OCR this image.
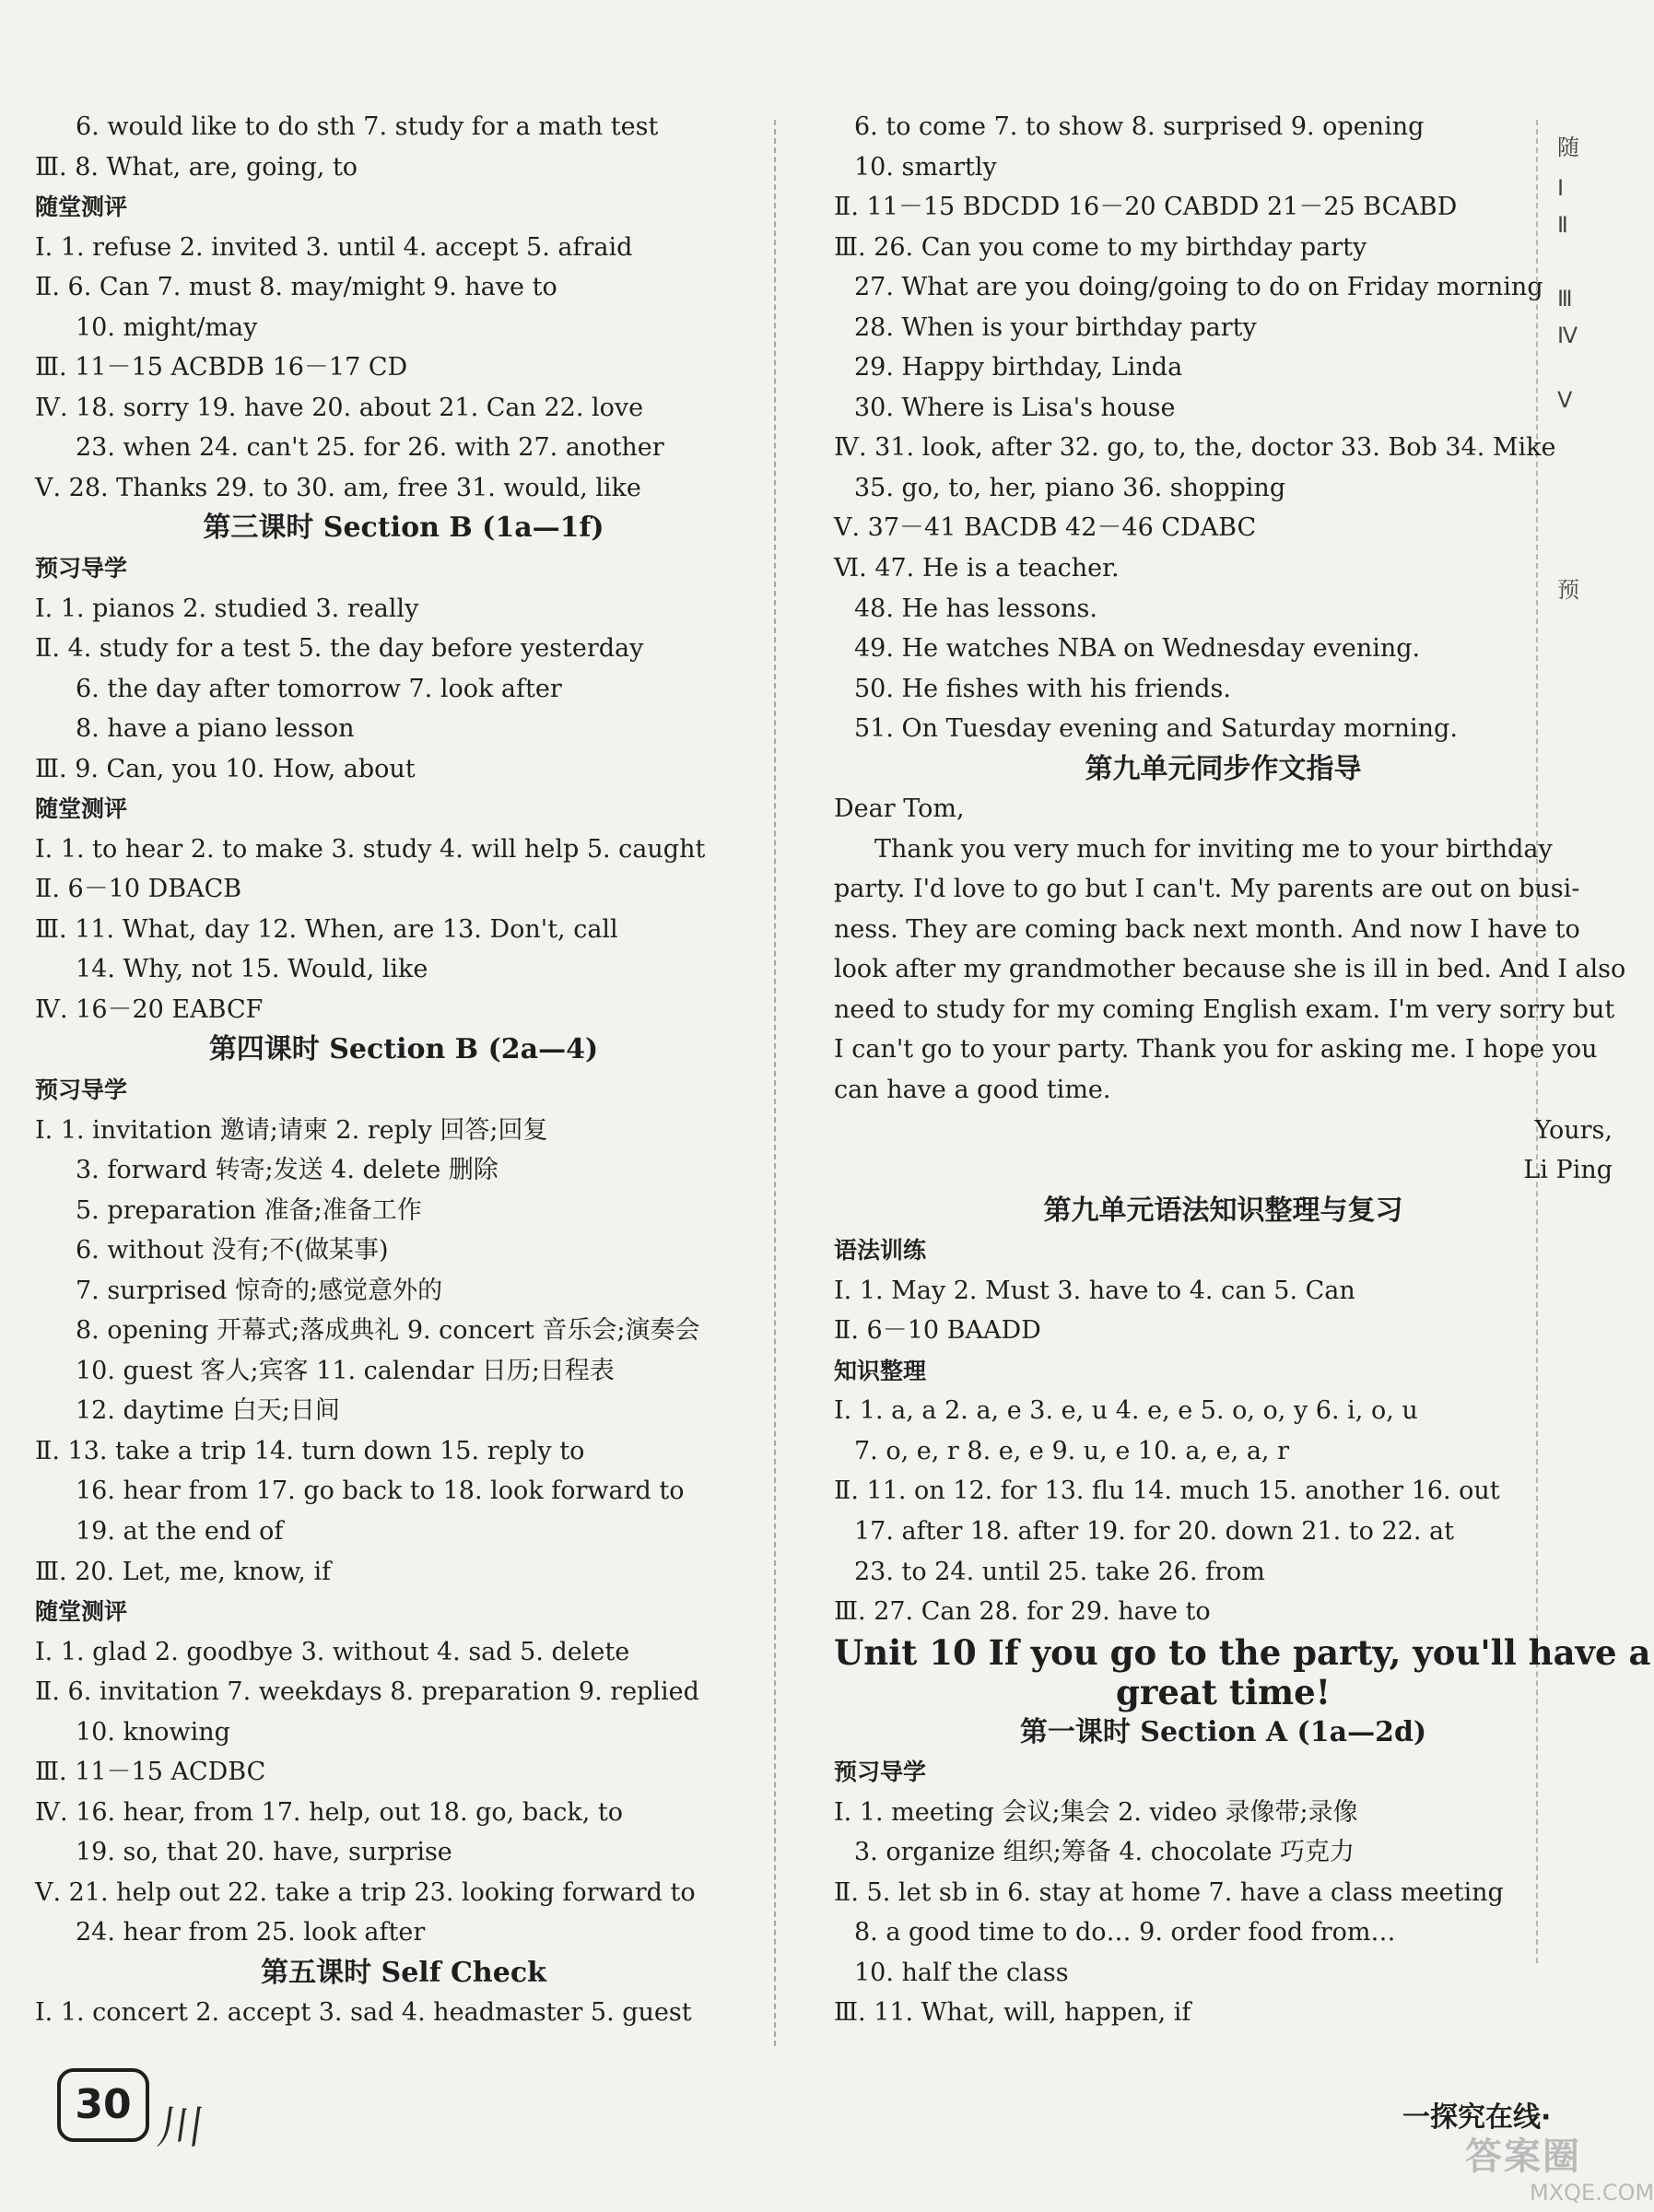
6. would like to do sth 7. study for a math test
Ⅲ. 8. What, are, going, to
随堂测评
Ⅰ. 1. refuse 2. invited 3. until 4. accept 5. afraid
Ⅱ. 6. Can 7. must 8. may/might 9. have to
10. might/may
Ⅲ. 11－15 ACBDB 16－17 CD
Ⅳ. 18. sorry 19. have 20. about 21. Can 22. love
23. when 24. can't 25. for 26. with 27. another
Ⅴ. 28. Thanks 29. to 30. am, free 31. would, like
第三课时 Section B (1a—1f)
预习导学
Ⅰ. 1. pianos 2. studied 3. really
Ⅱ. 4. study for a test 5. the day before yesterday
6. the day after tomorrow 7. look after
8. have a piano lesson
Ⅲ. 9. Can, you 10. How, about
随堂测评
Ⅰ. 1. to hear 2. to make 3. study 4. will help 5. caught
Ⅱ. 6－10 DBACB
Ⅲ. 11. What, day 12. When, are 13. Don't, call
14. Why, not 15. Would, like
Ⅳ. 16－20 EABCF
第四课时 Section B (2a—4)
预习导学
Ⅰ. 1. invitation 邀请;请柬 2. reply 回答;回复
3. forward 转寄;发送 4. delete 删除
5. preparation 准备;准备工作
6. without 没有;不(做某事)
7. surprised 惊奇的;感觉意外的
8. opening 开幕式;落成典礼 9. concert 音乐会;演奏会
10. guest 客人;宾客 11. calendar 日历;日程表
12. daytime 白天;日间
Ⅱ. 13. take a trip 14. turn down 15. reply to
16. hear from 17. go back to 18. look forward to
19. at the end of
Ⅲ. 20. Let, me, know, if
随堂测评
Ⅰ. 1. glad 2. goodbye 3. without 4. sad 5. delete
Ⅱ. 6. invitation 7. weekdays 8. preparation 9. replied
10. knowing
Ⅲ. 11－15 ACDBC
Ⅳ. 16. hear, from 17. help, out 18. go, back, to
19. so, that 20. have, surprise
Ⅴ. 21. help out 22. take a trip 23. looking forward to
24. hear from 25. look after
第五课时 Self Check
Ⅰ. 1. concert 2. accept 3. sad 4. headmaster 5. guest
6. to come 7. to show 8. surprised 9. opening
10. smartly
Ⅱ. 11－15 BDCDD 16－20 CABDD 21－25 BCABD
Ⅲ. 26. Can you come to my birthday party
27. What are you doing/going to do on Friday morning
28. When is your birthday party
29. Happy birthday, Linda
30. Where is Lisa's house
Ⅳ. 31. look, after 32. go, to, the, doctor 33. Bob 34. Mike
35. go, to, her, piano 36. shopping
Ⅴ. 37－41 BACDB 42－46 CDABC
Ⅵ. 47. He is a teacher.
48. He has lessons.
49. He watches NBA on Wednesday evening.
50. He fishes with his friends.
51. On Tuesday evening and Saturday morning.
第九单元同步作文指导
Dear Tom,
Thank you very much for inviting me to your birthday
party. I'd love to go but I can't. My parents are out on busi-
ness. They are coming back next month. And now I have to
look after my grandmother because she is ill in bed. And I also
need to study for my coming English exam. I'm very sorry but
I can't go to your party. Thank you for asking me. I hope you
can have a good time.
Yours,
Li Ping
第九单元语法知识整理与复习
语法训练
Ⅰ. 1. May 2. Must 3. have to 4. can 5. Can
Ⅱ. 6－10 BAADD
知识整理
Ⅰ. 1. a, a 2. a, e 3. e, u 4. e, e 5. o, o, y 6. i, o, u
7. o, e, r 8. e, e 9. u, e 10. a, e, a, r
Ⅱ. 11. on 12. for 13. flu 14. much 15. another 16. out
17. after 18. after 19. for 20. down 21. to 22. at
23. to 24. until 25. take 26. from
Ⅲ. 27. Can 28. for 29. have to
Unit 10 If you go to the party, you'll have a
great time!
第一课时 Section A (1a—2d)
预习导学
Ⅰ. 1. meeting 会议;集会 2. video 录像带;录像
3. organize 组织;筹备 4. chocolate 巧克力
Ⅱ. 5. let sb in 6. stay at home 7. have a class meeting
8. a good time to do… 9. order food from…
10. half the class
Ⅲ. 11. What, will, happen, if
随
Ⅰ
Ⅱ
Ⅲ
Ⅳ
V
预
30 川	一探究在线·
答案圈
MXQE.COM
